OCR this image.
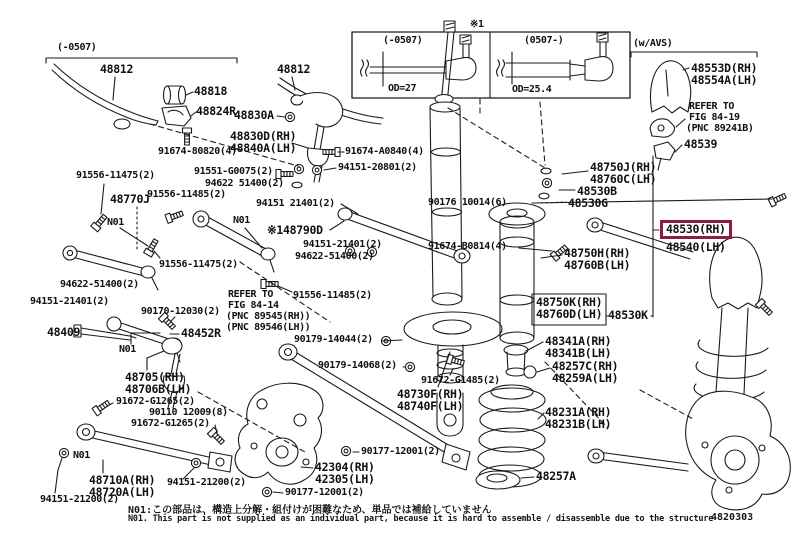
(-0507)
48812
48818
48824R
48830A
91674-80820(4)
48812
※1
(w/AVS)
48553D(RH)
48554A(LH)
REFER TO
FIG 84-19
(PNC 89241B)
48539
48830D(RH)
48840A(LH)	91674-A0840(4)
94151-20801(2)
91556-11475(2)	91551-G0075(2)
94622 51400(2)
91556-11485(2)
48770J	94151 21401(2)	90176 10014(6)
N01	N01
※148790D
94151-21401(2)
94622-51400(2)
91556-11475(2)
94622-51400(2)
94151-21401(2)
91556-11485(2)
90170-12030(2)
48409	48452R
REFER TO
FIG 84-14
(PNC 89545(RH))
(PNC 89546(LH))
91674-B0814(4)
48750J(RH)
48760C(LH)
48530B
48530G
48530(RH)
48540(LH)
48750H(RH)
48760B(LH)
48750K(RH)
48760D(LH) 48530K
48341A(RH)
48341B(LH)
48257C(RH)
48259A(LH)
48231A(RH)
48231B(LH)
48257A
90179-14044(2)
90179-14068(2)
91672-G1485(2)
48730F(RH)
48740F(LH)
N01
48705(RH)
48706B(LH)
91672-G1265(2)
90110 12009(8)
91672-G1265(2)
N01
48710A(RH)
48720A(LH)
94151-21200(2)
94151-21200(2)
90177-12001(2)
42304(RH)
42305(LH)
90177-12001(2)
(-0507)	(0507-)
OD=27	OD=25.4
N01:この部品は、構造上分解・組付けが困難なため、単品では補給していません
N01. This part is not supplied as an individual part, because it is hard to assemble / disassemble due to the structure
4820303
